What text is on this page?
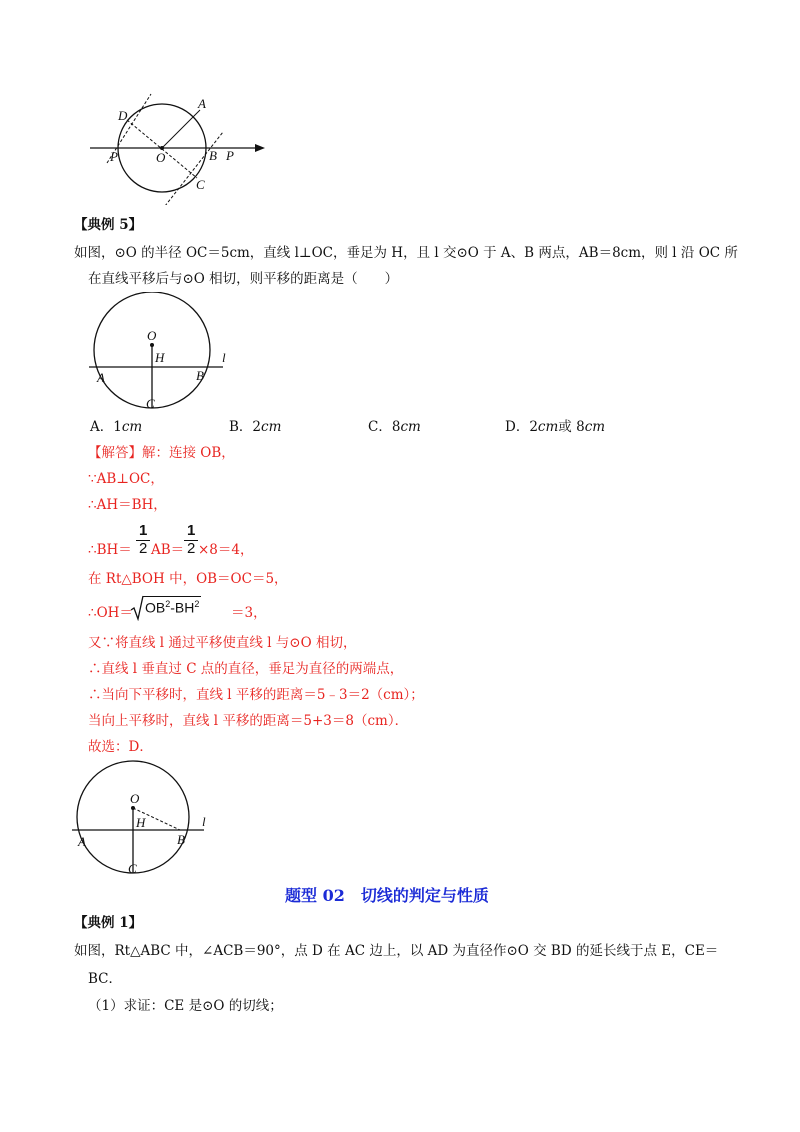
D
A
P	O	B P
C
【典例 5】
如图，⊙O 的半径 OC＝5cm，直线 l⊥OC，垂足为 H，且 l 交⊙O 于 A、B 两点，AB＝8cm，则 l 沿 OC 所
在直线平移后与⊙O 相切，则平移的距离是（　　）
O
H	l
A	B
C
A．1cm	B．2cm	C．8cm	D．2cm或 8cm
【解答】解：连接 OB，
∵AB⊥OC，
∴AH＝BH，
∴BH＝
1
2 AB＝
1
2 ×8＝4，
在 Rt△BOH 中，OB＝OC＝5，
∴OH＝ $OB^2-BH^2$
＝3，
又∵将直线 l 通过平移使直线 l 与⊙O 相切，
∴直线 l 垂直过 C 点的直径，垂足为直径的两端点，
∴当向下平移时，直线 l 平移的距离＝5﹣3＝2（cm）；
当向上平移时，直线 l 平移的距离＝5+3＝8（cm）．
故选：D．
O
H	l
A	B
C
题型 02　切线的判定与性质
【典例 1】
如图，Rt△ABC 中，∠ACB＝90°，点 D 在 AC 边上，以 AD 为直径作⊙O 交 BD 的延长线于点 E，CE＝
BC．
（1）求证：CE 是⊙O 的切线；
